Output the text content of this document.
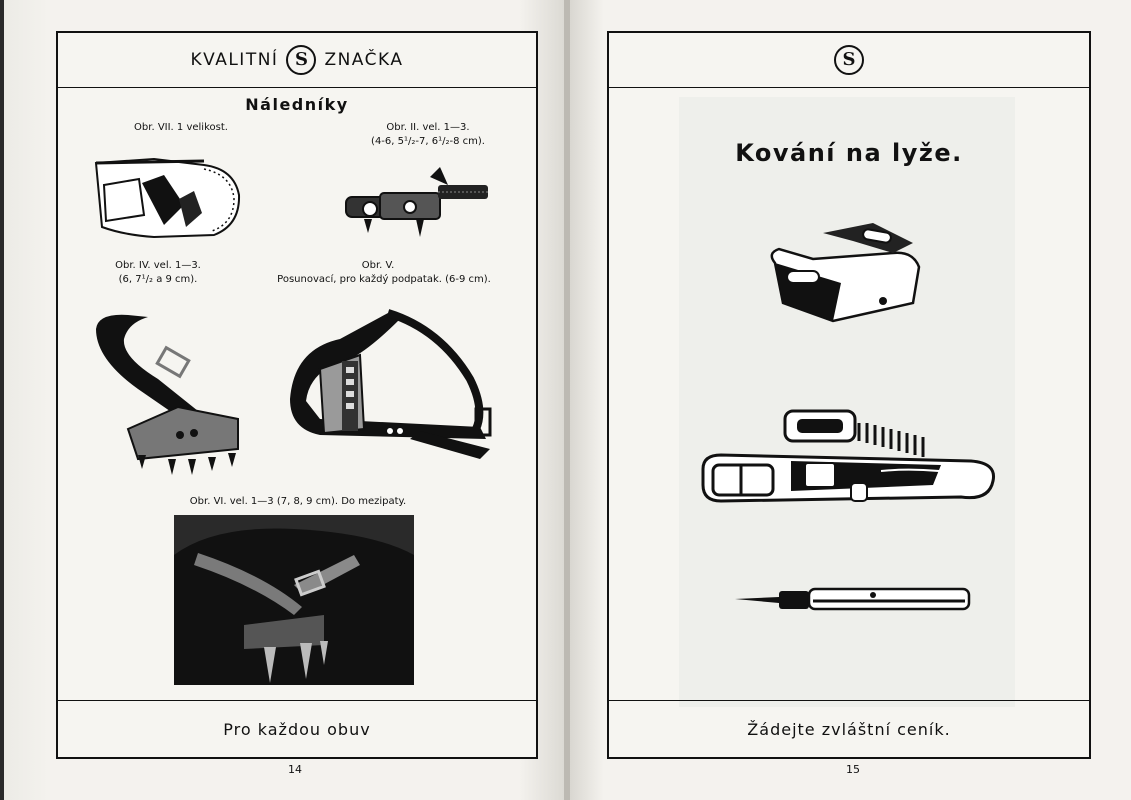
KVALITNÍ S ZNAČKA
Náledníky
Obr. VII. 1 velikost.	Obr. II. vel. 1—3.
(4-6, 5¹/₂-7, 6¹/₂-8 cm).
Obr. IV. vel. 1—3.
(6, 7¹/₂ a 9 cm).
Obr. V.
Posunovací, pro každý podpatak. (6-9 cm).
Obr. VI. vel. 1—3 (7, 8, 9 cm). Do mezipaty.
Pro každou obuv
14
S
Kování na lyže.
Žádejte zvláštní ceník.
15
